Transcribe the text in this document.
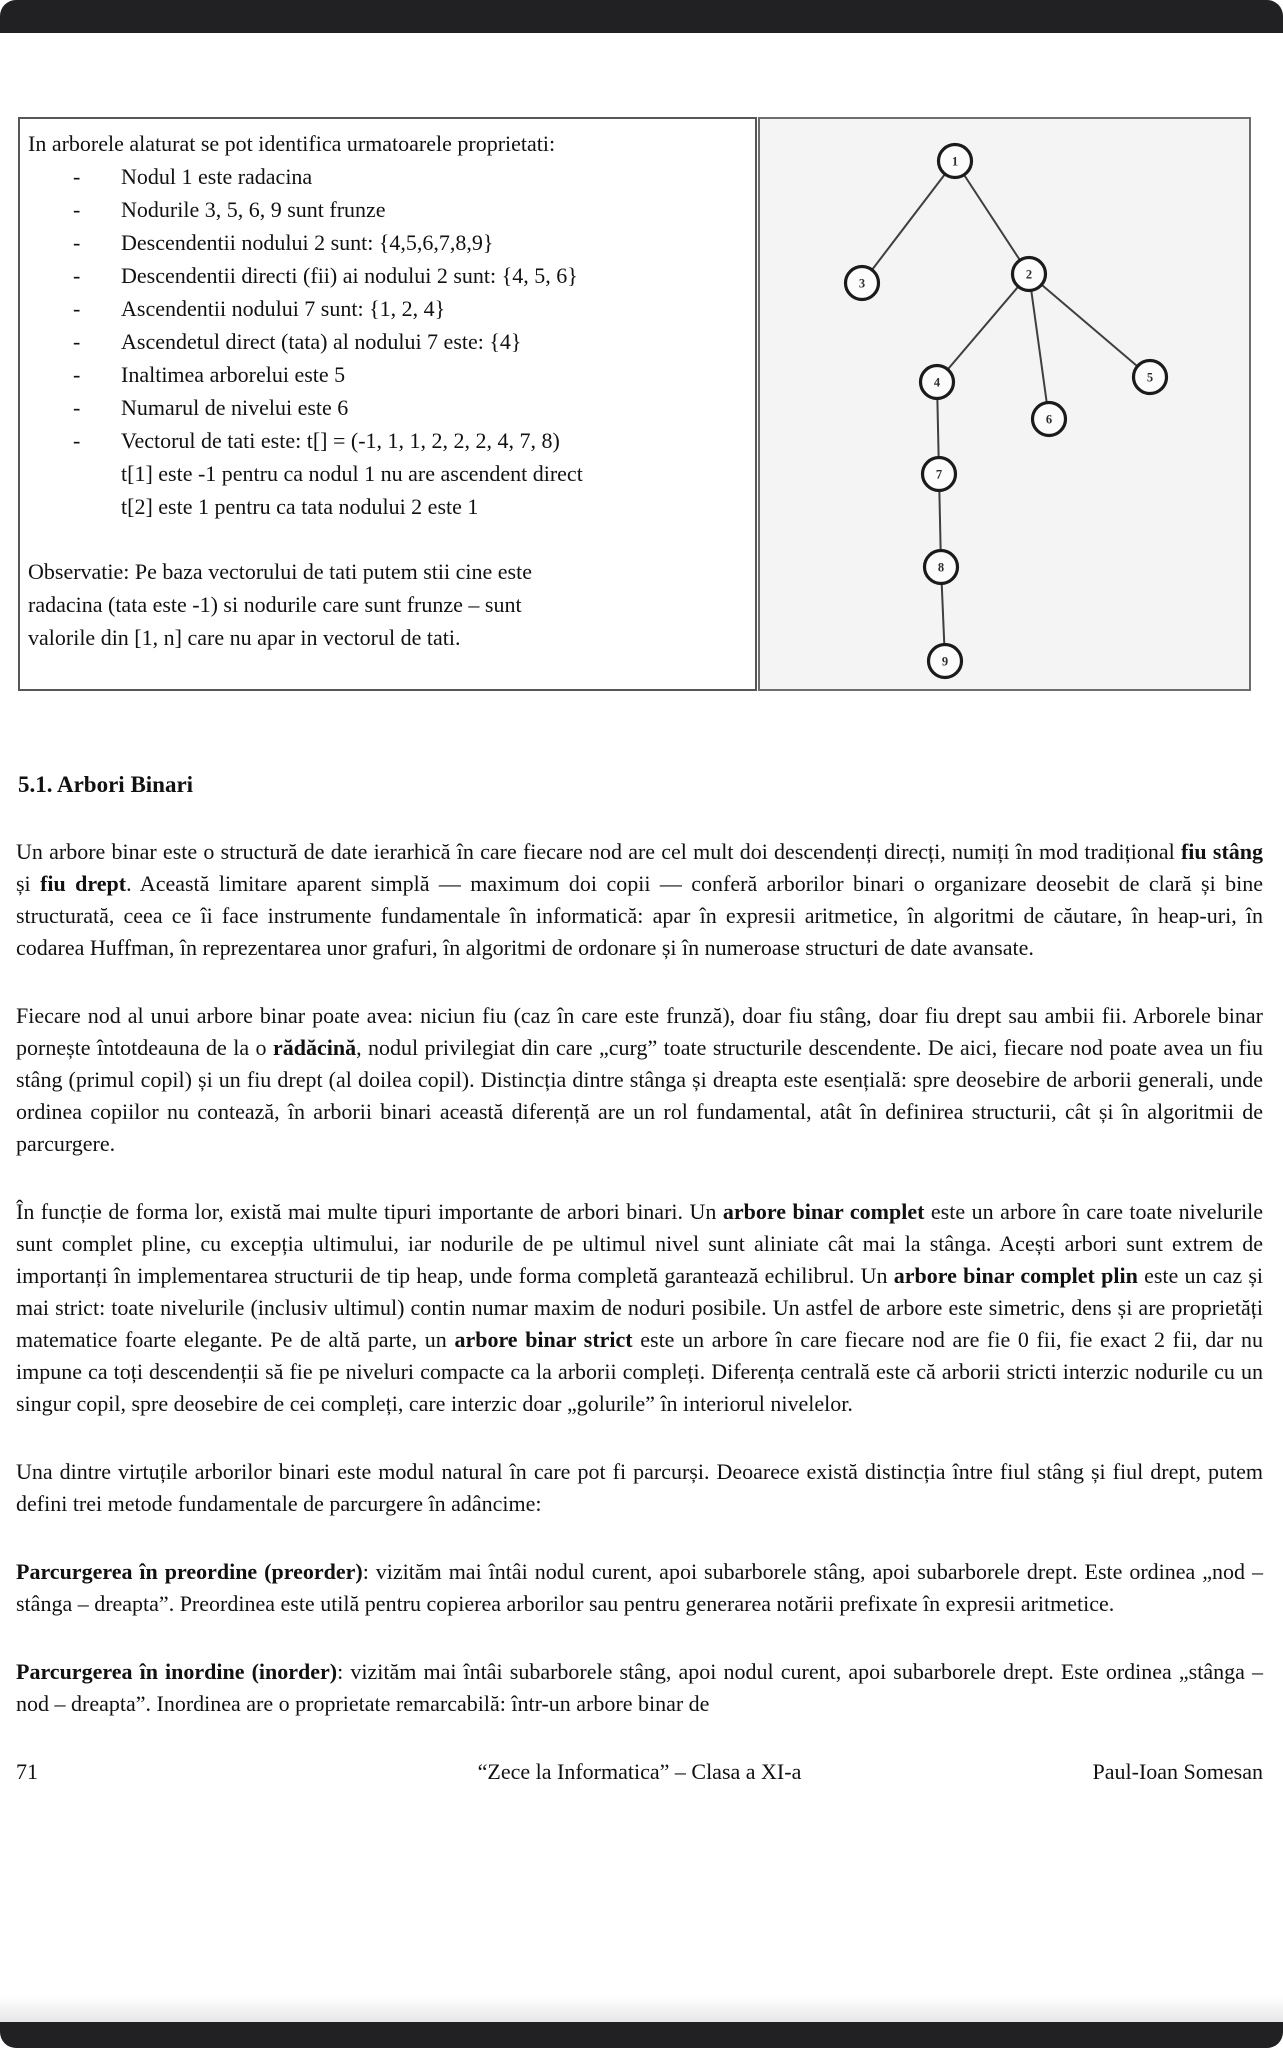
In arborele alaturat se pot identifica urmatoarele proprietati:
- Nodul 1 este radacina
- Nodurile 3, 5, 6, 9 sunt frunze
- Descendentii nodului 2 sunt: {4,5,6,7,8,9}
- Descendentii directi (fii) ai nodului 2 sunt: {4, 5, 6}
- Ascendentii nodului 7 sunt: {1, 2, 4}
- Ascendetul direct (tata) al nodului 7 este: {4}
- Inaltimea arborelui este 5
- Numarul de nivelui este 6
- Vectorul de tati este: t[] = (-1, 1, 1, 2, 2, 2, 4, 7, 8)
t[1] este -1 pentru ca nodul 1 nu are ascendent direct
t[2] este 1 pentru ca tata nodului 2 este 1
Observatie: Pe baza vectorului de tati putem stii cine este radacina (tata este -1) si nodurile care sunt frunze – sunt valorile din [1, n] care nu apar in vectorul de tati.
1
2
3
4	5
6
7
8
9
5.1. Arbori Binari

Un arbore binar este o structură de date ierarhică în care fiecare nod are cel mult doi descendenți direcți, numiți în mod tradițional fiu stâng și fiu drept. Această limitare aparent simplă — maximum doi copii — conferă arborilor binari o organizare deosebit de clară și bine structurată, ceea ce îi face instrumente fundamentale în informatică: apar în expresii aritmetice, în algoritmi de căutare, în heap-uri, în codarea Huffman, în reprezentarea unor grafuri, în algoritmi de ordonare și în numeroase structuri de date avansate.

Fiecare nod al unui arbore binar poate avea: niciun fiu (caz în care este frunză), doar fiu stâng, doar fiu drept sau ambii fii. Arborele binar pornește întotdeauna de la o rădăcină, nodul privilegiat din care „curg” toate structurile descendente. De aici, fiecare nod poate avea un fiu stâng (primul copil) și un fiu drept (al doilea copil). Distincția dintre stânga și dreapta este esențială: spre deosebire de arborii generali, unde ordinea copiilor nu contează, în arborii binari această diferență are un rol fundamental, atât în definirea structurii, cât și în algoritmii de parcurgere.

În funcție de forma lor, există mai multe tipuri importante de arbori binari. Un arbore binar complet este un arbore în care toate nivelurile sunt complet pline, cu excepția ultimului, iar nodurile de pe ultimul nivel sunt aliniate cât mai la stânga. Acești arbori sunt extrem de importanți în implementarea structurii de tip heap, unde forma completă garantează echilibrul. Un arbore binar complet plin este un caz și mai strict: toate nivelurile (inclusiv ultimul) contin numar maxim de noduri posibile. Un astfel de arbore este simetric, dens și are proprietăți matematice foarte elegante. Pe de altă parte, un arbore binar strict este un arbore în care fiecare nod are fie 0 fii, fie exact 2 fii, dar nu impune ca toți descendenții să fie pe niveluri compacte ca la arborii compleți. Diferența centrală este că arborii stricti interzic nodurile cu un singur copil, spre deosebire de cei compleți, care interzic doar „golurile” în interiorul nivelelor.

Una dintre virtuțile arborilor binari este modul natural în care pot fi parcurși. Deoarece există distincția între fiul stâng și fiul drept, putem defini trei metode fundamentale de parcurgere în adâncime:

Parcurgerea în preordine (preorder): vizităm mai întâi nodul curent, apoi subarborele stâng, apoi subarborele drept. Este ordinea „nod – stânga – dreapta”. Preordinea este utilă pentru copierea arborilor sau pentru generarea notării prefixate în expresii aritmetice.

Parcurgerea în inordine (inorder): vizităm mai întâi subarborele stâng, apoi nodul curent, apoi subarborele drept. Este ordinea „stânga – nod – dreapta”. Inordinea are o proprietate remarcabilă: într-un arbore binar de

71	“Zece la Informatica” – Clasa a XI-a	Paul-Ioan Somesan
